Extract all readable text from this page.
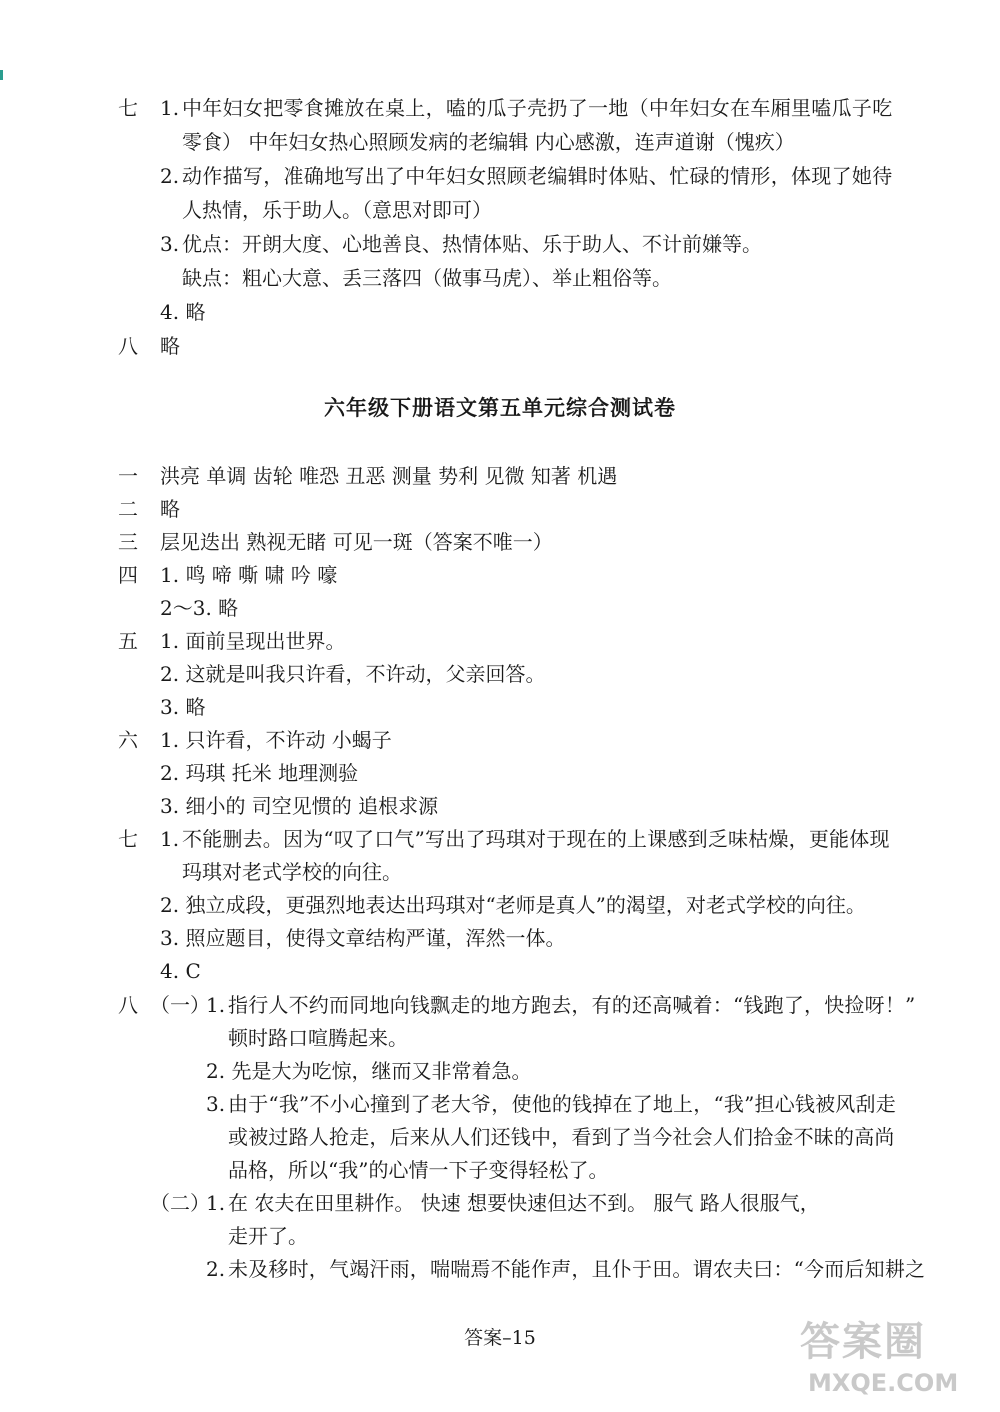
七 1. 中年妇女把零食摊放在桌上，嗑的瓜子壳扔了一地（中年妇女在车厢里嗑瓜子吃
零食） 中年妇女热心照顾发病的老编辑 内心感激，连声道谢（愧疚）
2. 动作描写，准确地写出了中年妇女照顾老编辑时体贴、忙碌的情形，体现了她待
人热情，乐于助人。（意思对即可）
3. 优点：开朗大度、心地善良、热情体贴、乐于助人、不计前嫌等。
缺点：粗心大意、丢三落四（做事马虎）、举止粗俗等。
4. 略
八 略
六年级下册语文第五单元综合测试卷
一 洪亮 单调 齿轮 唯恐 丑恶 测量 势利 见微 知著 机遇
二 略
三 层见迭出 熟视无睹 可见一斑（答案不唯一）
四 1. 鸣 啼 嘶 啸 吟 嚎
2～3. 略
五 1. 面前呈现出世界。
2. 这就是叫我只许看，不许动，父亲回答。
3. 略
六 1. 只许看，不许动 小蝎子
2. 玛琪 托米 地理测验
3. 细小的 司空见惯的 追根求源
七 1. 不能删去。因为“叹了口气”写出了玛琪对于现在的上课感到乏味枯燥，更能体现
玛琪对老式学校的向往。
2. 独立成段，更强烈地表达出玛琪对“老师是真人”的渴望，对老式学校的向往。
3. 照应题目，使得文章结构严谨，浑然一体。
4. C
八 （一）
1. 指行人不约而同地向钱飘走的地方跑去，有的还高喊着：“钱跑了，快捡呀！”
顿时路口喧腾起来。
2. 先是大为吃惊，继而又非常着急。
3. 由于“我”不小心撞到了老大爷，使他的钱掉在了地上，“我”担心钱被风刮走
或被过路人抢走，后来从人们还钱中，看到了当今社会人们拾金不昧的高尚
品格，所以“我”的心情一下子变得轻松了。
（二）
1. 在 农夫在田里耕作。 快速 想要快速但达不到。 服气 路人很服气，
走开了。
2. 未及移时，气竭汗雨，喘喘焉不能作声，且仆于田。谓农夫曰：“今而后知耕之
答案–15	答案圈
MXQE.COM
